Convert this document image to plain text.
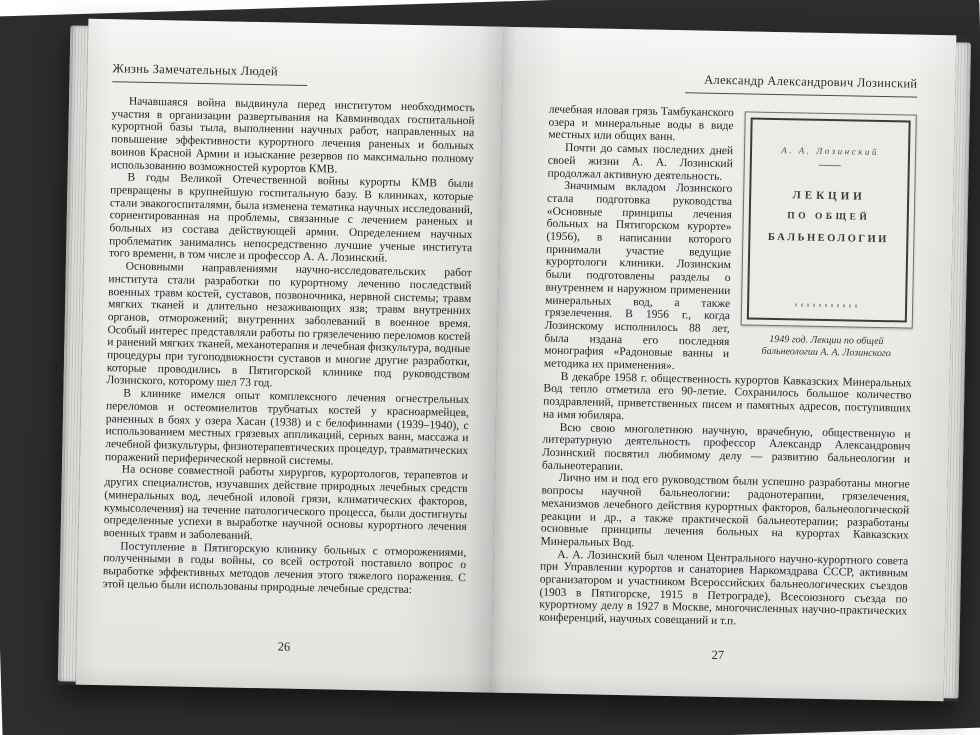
Жизнь Замечательных Людей

Начавшаяся война выдвинула перед институтом необходимость участия в организации развертывания на Кавминводах госпитальной курортной базы тыла, выполнении научных работ, направленных на повышение эффективности курортного лечения раненых и больных воинов Красной Армии и изыскание резервов по максимально полному использованию возможностей курортов КМВ.

В годы Великой Отечественной войны курорты КМВ были превращены в крупнейшую госпитальную базу. В клиниках, которые стали эвакогоспиталями, была изменена тематика научных исследований, сориентированная на проблемы, связанные с лечением раненых и больных из состава действующей армии. Определением научных проблематик занимались непосредственно лучшие ученые института того времени, в том числе и профессор А. А. Лозинский.

Основными направлениями научно-исследовательских работ института стали разработки по курортному лечению последствий военных травм костей, суставов, позвоночника, нервной системы; травм мягких тканей и длительно незаживающих язв; травм внутренних органов, отморожений; внутренних заболеваний в военное время. Особый интерес представляли работы по грязелечению переломов костей и ранений мягких тканей, механотерапия и лечебная физкультура, водные процедуры при тугоподвижности суставов и многие другие разработки, которые проводились в Пятигорской клинике под руководством Лозинского, которому шел 73 год.

В клинике имелся опыт комплексного лечения огнестрельных переломов и остеомиелитов трубчатых костей у красноармейцев, раненных в боях у озера Хасан (1938) и с белофиннами (1939–1940), с использованием местных грязевых аппликаций, серных ванн, массажа и лечебной физкультуры, физиотерапевтических процедур, травматических поражений периферической нервной системы.

На основе совместной работы хирургов, курортологов, терапевтов и других специалистов, изучавших действие природных лечебных средств (минеральных вод, лечебной иловой грязи, климатических факторов, кумысолечения) на течение патологического процесса, были достигнуты определенные успехи в выработке научной основы курортного лечения военных травм и заболеваний.

Поступление в Пятигорскую клинику больных с отморожениями, полученными в годы войны, со всей остротой поставило вопрос о выработке эффективных методов лечения этого тяжелого поражения. С этой целью были использованы природные лечебные средства:

26
Александр Александрович Лозинский
А. А. Лозинский
ЛЕКЦИИ
ПО ОБЩЕЙ
БАЛЬНЕОЛОГИИ
1949 год. Лекции по общей бальнеологии А. А. Лозинского

лечебная иловая грязь Тамбуканского озера и минеральные воды в виде местных или общих ванн.

Почти до самых последних дней своей жизни А. А. Лозинский продолжал активную деятельность.

Значимым вкладом Лозинского стала подготовка руководства «Основные принципы лечения больных на Пятигорском курорте» (1956), в написании которого принимали участие ведущие курортологи клиники. Лозинским были подготовлены разделы о внутреннем и наружном применении минеральных вод, а также грязелечения. В 1956 г., когда Лозинскому исполнилось 88 лет, была издана его последняя монография «Радоновые ванны и методика их применения».

В декабре 1958 г. общественность курортов Кавказских Минеральных Вод тепло отметила его 90-летие. Сохранилось большое количество поздравлений, приветственных писем и памятных адресов, поступивших на имя юбиляра.

Всю свою многолетнюю научную, врачебную, общественную и литературную деятельность профессор Александр Александрович Лозинский посвятил любимому делу — развитию бальнеологии и бальнеотерапии.

Лично им и под его руководством были успешно разработаны многие вопросы научной бальнеологии: радонотерапии, грязелечения, механизмов лечебного действия курортных факторов, бальнеологической реакции и др., а также практической бальнеотерапии; разработаны основные принципы лечения больных на курортах Кавказских Минеральных Вод.

А. А. Лозинский был членом Центрального научно-курортного совета при Управлении курортов и санаториев Наркомздрава СССР, активным организатором и участником Всероссийских бальнеологических съездов (1903 в Пятигорске, 1915 в Петрограде), Всесоюзного съезда по курортному делу в 1927 в Москве, многочисленных научно-практических конференций, научных совещаний и т.п.

27
